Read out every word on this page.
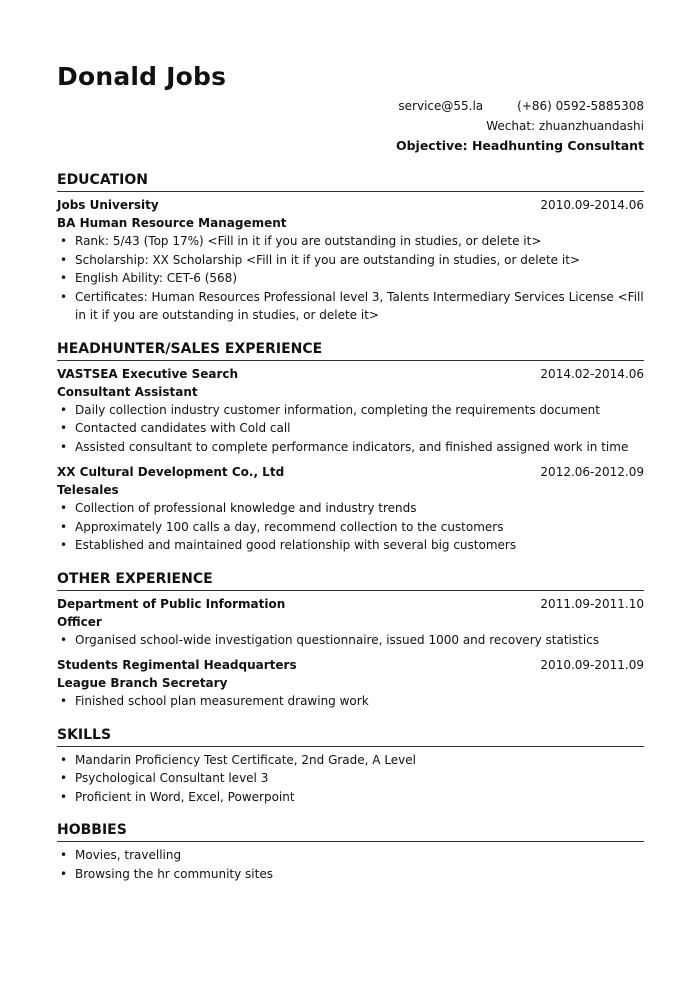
Donald Jobs
service@55.la	(+86) 0592-5885308
Wechat: zhuanzhuandashi
Objective: Headhunting Consultant
EDUCATION
Jobs University	2010.09-2014.06
BA Human Resource Management
• Rank: 5/43 (Top 17%) <Fill in it if you are outstanding in studies, or delete it>
• Scholarship: XX Scholarship <Fill in it if you are outstanding in studies, or delete it>
• English Ability: CET-6 (568)
• Certificates: Human Resources Professional level 3, Talents Intermediary Services License <Fill in it if you are outstanding in studies, or delete it>
HEADHUNTER/SALES EXPERIENCE
VASTSEA Executive Search	2014.02-2014.06
Consultant Assistant
• Daily collection industry customer information, completing the requirements document
• Contacted candidates with Cold call
• Assisted consultant to complete performance indicators, and finished assigned work in time
XX Cultural Development Co., Ltd	2012.06-2012.09
Telesales
• Collection of professional knowledge and industry trends
• Approximately 100 calls a day, recommend collection to the customers
• Established and maintained good relationship with several big customers
OTHER EXPERIENCE
Department of Public Information	2011.09-2011.10
Officer
• Organised school-wide investigation questionnaire, issued 1000 and recovery statistics
Students Regimental Headquarters	2010.09-2011.09
League Branch Secretary
• Finished school plan measurement drawing work
SKILLS
• Mandarin Proficiency Test Certificate, 2nd Grade, A Level
• Psychological Consultant level 3
• Proficient in Word, Excel, Powerpoint
HOBBIES
• Movies, travelling
• Browsing the hr community sites
